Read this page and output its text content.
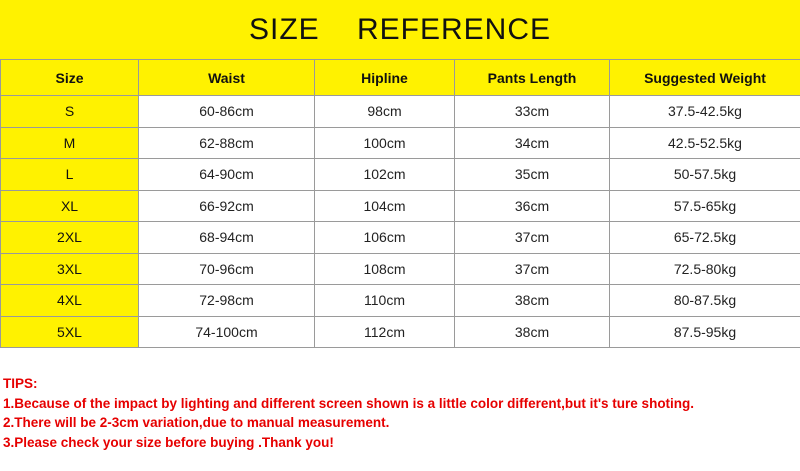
SIZE    REFERENCE
Size	Waist	Hipline	Pants Length	Suggested Weight
S	60-86cm	98cm	33cm	37.5-42.5kg
M	62-88cm	100cm	34cm	42.5-52.5kg
L	64-90cm	102cm	35cm	50-57.5kg
XL	66-92cm	104cm	36cm	57.5-65kg
2XL	68-94cm	106cm	37cm	65-72.5kg
3XL	70-96cm	108cm	37cm	72.5-80kg
4XL	72-98cm	110cm	38cm	80-87.5kg
5XL	74-100cm	112cm	38cm	87.5-95kg
TIPS:
1.Because of the impact by lighting and different screen shown is a little color different,but it's ture shoting.
2.There will be 2-3cm variation,due to manual measurement.
3.Please check your size before buying .Thank you!
